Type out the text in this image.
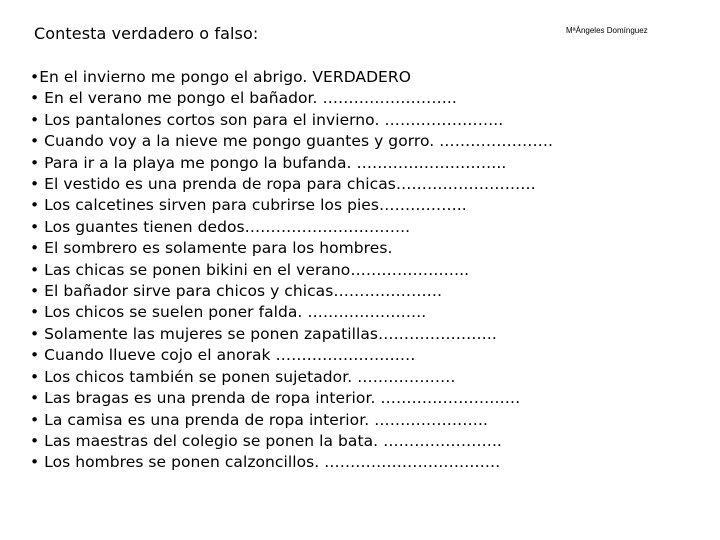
Contesta verdadero o falso:	MªÁngeles Domínguez
•En el invierno me pongo el abrigo. VERDADERO
• En el verano me pongo el bañador. ……………………..
• Los pantalones cortos son para el invierno. …………………..
• Cuando voy a la nieve me pongo guantes y gorro. ………………….
• Para ir a la playa me pongo la bufanda. ………………………..
• El vestido es una prenda de ropa para chicas………………………
• Los calcetines sirven para cubrirse los pies……………..
• Los guantes tienen dedos…………………………..
• El sombrero es solamente para los hombres.
• Las chicas se ponen bikini en el verano…………………..
• El bañador sirve para chicos y chicas…………………
• Los chicos se suelen poner falda. …………………..
• Solamente las mujeres se ponen zapatillas…………………..
• Cuando llueve cojo el anorak ………………………
• Los chicos también se ponen sujetador. ……………….
• Las bragas es una prenda de ropa interior. ………………………
• La camisa es una prenda de ropa interior. ………………….
• Las maestras del colegio se ponen la bata. …………………..
• Los hombres se ponen calzoncillos. …………………………….
